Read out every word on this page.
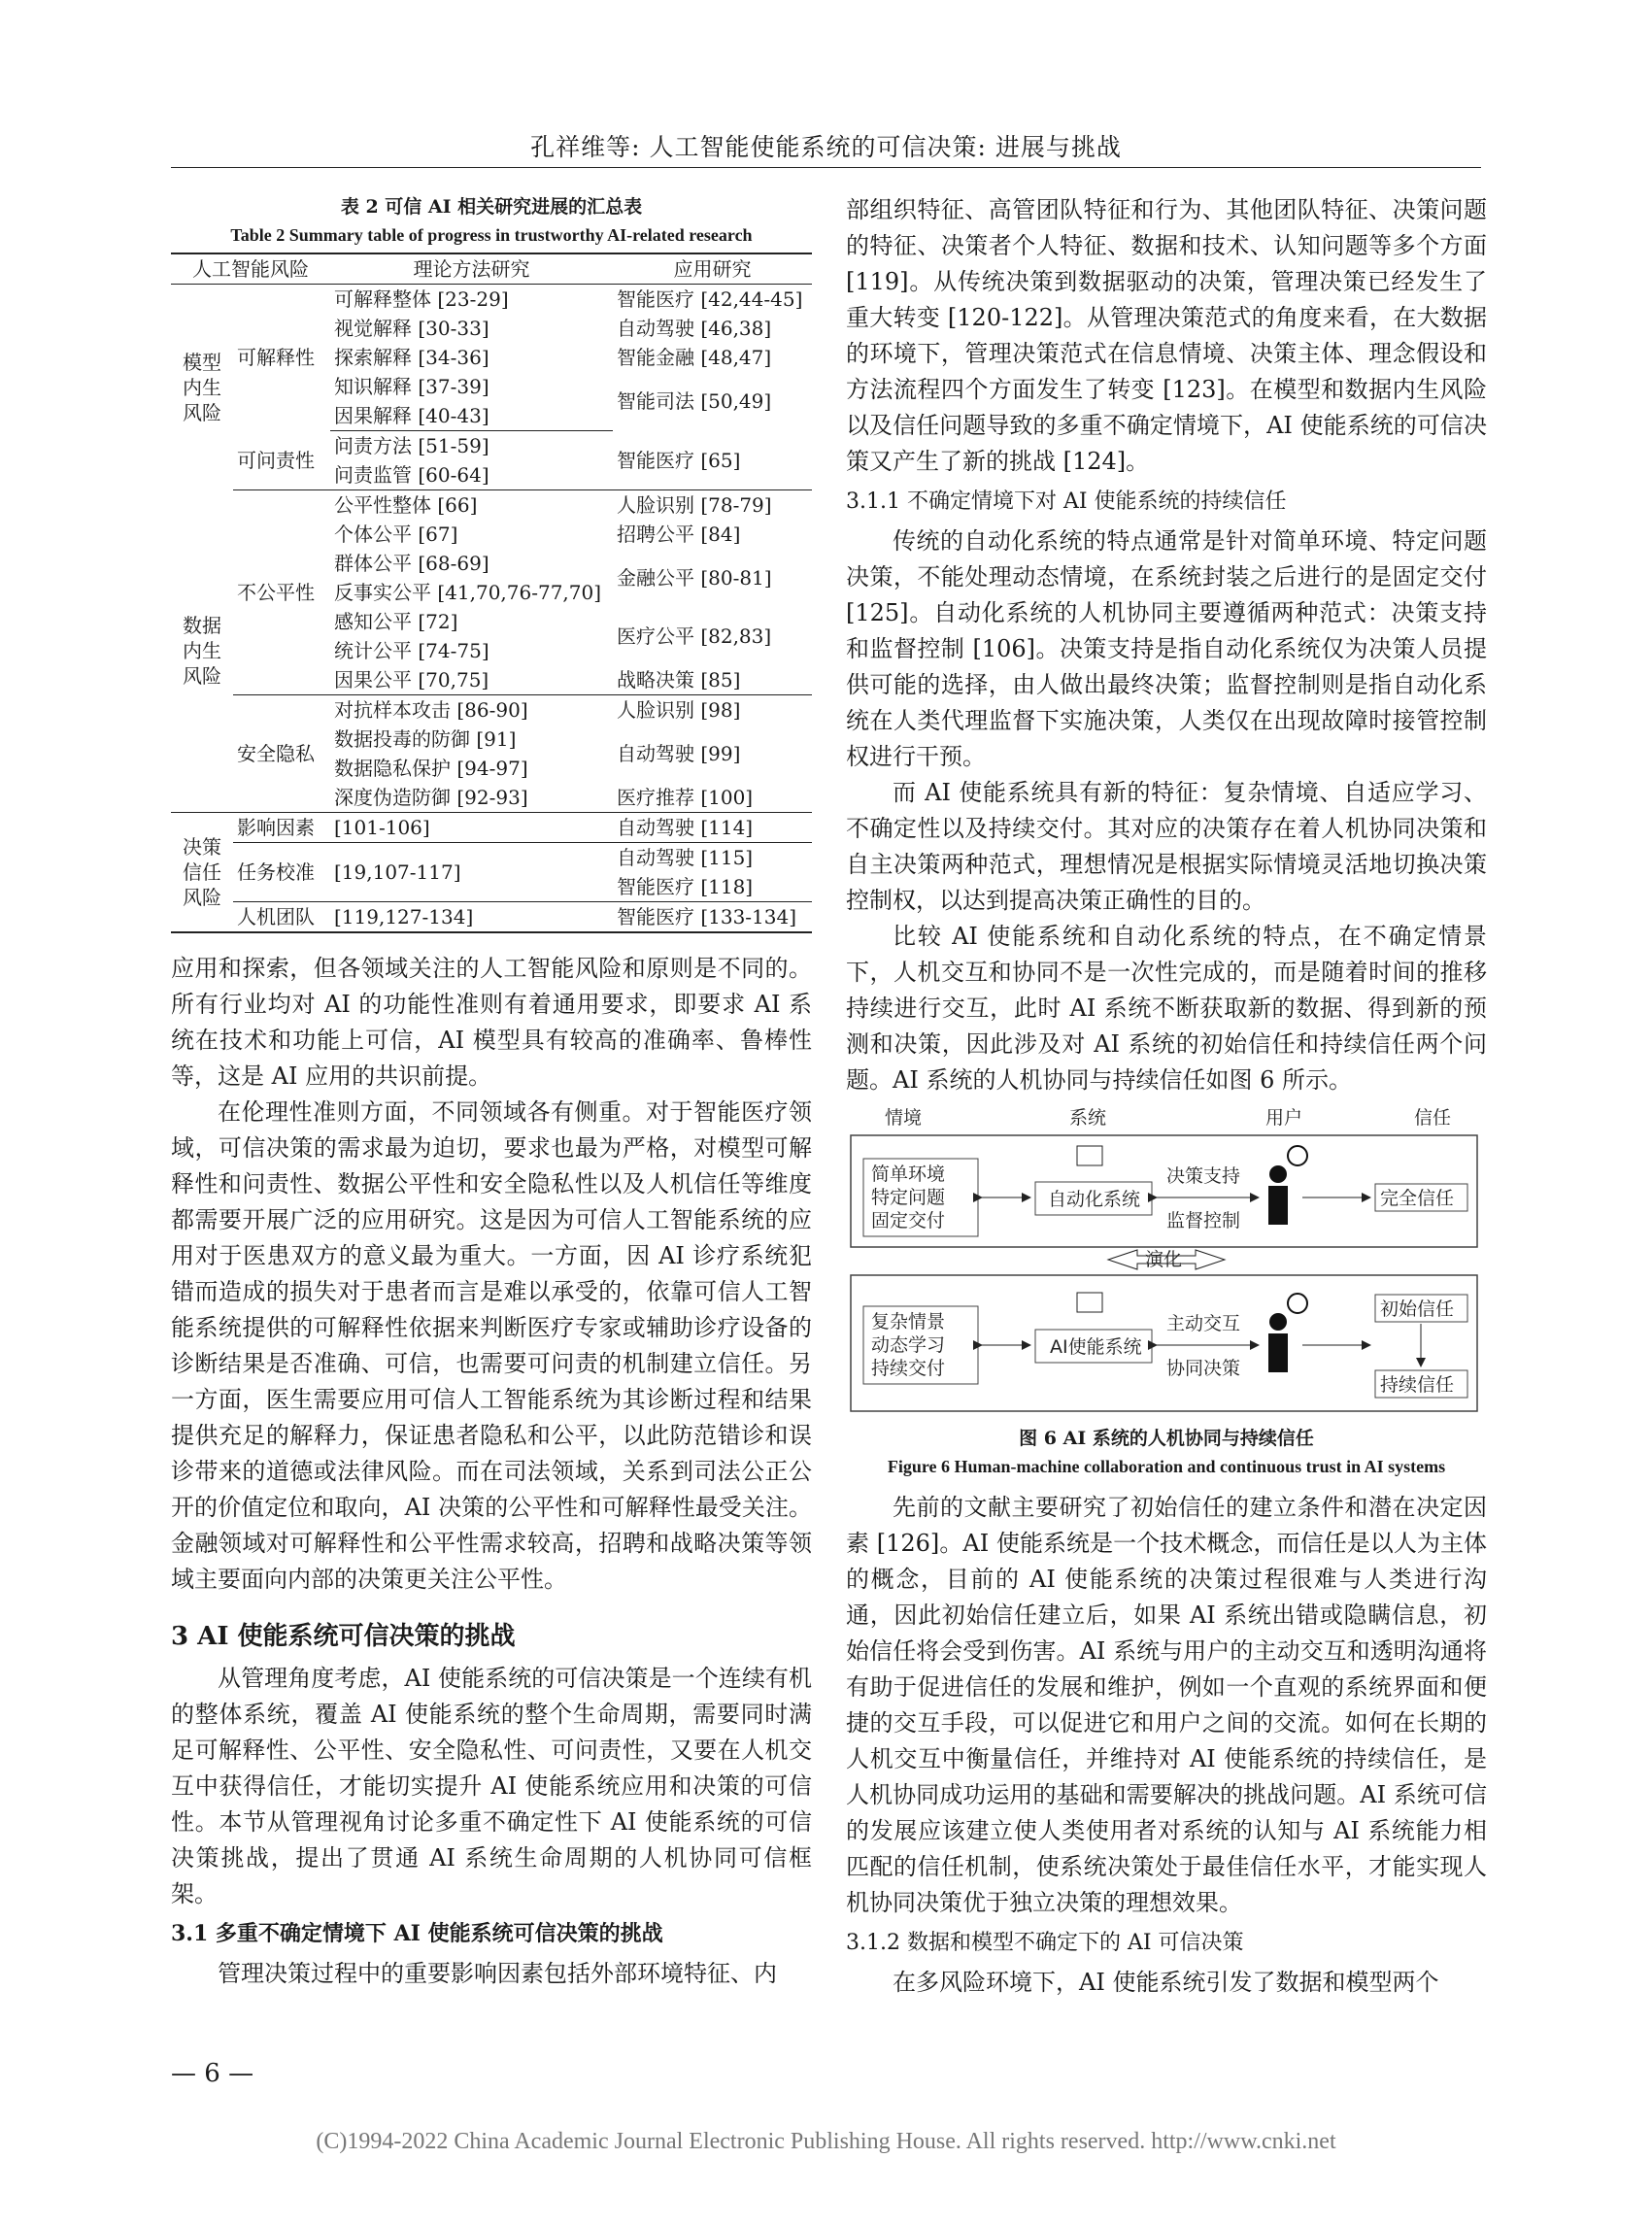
孔祥维等: 人工智能使能系统的可信决策: 进展与挑战
表 2 可信 AI 相关研究进展的汇总表
Table 2 Summary table of progress in trustworthy AI-related research
人工智能风险		理论方法研究	应用研究
模型内生风险	可解释性	可解释整体 [23-29]	智能医疗 [42,44-45]
		视觉解释 [30-33]	自动驾驶 [46,38]
		探索解释 [34-36]	智能金融 [48,47]
		知识解释 [37-39]	智能司法 [50,49]
		因果解释 [40-43]	
	可问责性	问责方法 [51-59]	智能医疗 [65]
		问责监管 [60-64]	
数据内生风险	不公平性	公平性整体 [66]	人脸识别 [78-79]
		个体公平 [67]	招聘公平 [84]
		群体公平 [68-69]	金融公平 [80-81]
		反事实公平 [41,70,76-77,70]	
		感知公平 [72]	医疗公平 [82,83]
		统计公平 [74-75]	
		因果公平 [70,75]	战略决策 [85]
	安全隐私	对抗样本攻击 [86-90]	人脸识别 [98]
		数据投毒的防御 [91]	自动驾驶 [99]
		数据隐私保护 [94-97]	
		深度伪造防御 [92-93]	医疗推荐 [100]
决策信任风险	影响因素	[101-106]	自动驾驶 [114]
	任务校准	[19,107-117]	自动驾驶 [115]
			智能医疗 [118]
	人机团队	[119,127-134]	智能医疗 [133-134]

应用和探索，但各领域关注的人工智能风险和原则是不同的。所有行业均对 AI 的功能性准则有着通用要求，即要求 AI 系统在技术和功能上可信，AI 模型具有较高的准确率、鲁棒性等，这是 AI 应用的共识前提。

在伦理性准则方面，不同领域各有侧重。对于智能医疗领域，可信决策的需求最为迫切，要求也最为严格，对模型可解释性和问责性、数据公平性和安全隐私性以及人机信任等维度都需要开展广泛的应用研究。这是因为可信人工智能系统的应用对于医患双方的意义最为重大。一方面，因 AI 诊疗系统犯错而造成的损失对于患者而言是难以承受的，依靠可信人工智能系统提供的可解释性依据来判断医疗专家或辅助诊疗设备的诊断结果是否准确、可信，也需要可问责的机制建立信任。另一方面，医生需要应用可信人工智能系统为其诊断过程和结果提供充足的解释力，保证患者隐私和公平，以此防范错诊和误诊带来的道德或法律风险。而在司法领域，关系到司法公正公开的价值定位和取向，AI 决策的公平性和可解释性最受关注。金融领域对可解释性和公平性需求较高，招聘和战略决策等领域主要面向内部的决策更关注公平性。

3 AI 使能系统可信决策的挑战

从管理角度考虑，AI 使能系统的可信决策是一个连续有机的整体系统，覆盖 AI 使能系统的整个生命周期，需要同时满足可解释性、公平性、安全隐私性、可问责性，又要在人机交互中获得信任，才能切实提升 AI 使能系统应用和决策的可信性。本节从管理视角讨论多重不确定性下 AI 使能系统的可信决策挑战，提出了贯通 AI 系统生命周期的人机协同可信框架。

3.1 多重不确定情境下 AI 使能系统可信决策的挑战

管理决策过程中的重要影响因素包括外部环境特征、内

部组织特征、高管团队特征和行为、其他团队特征、决策问题的特征、决策者个人特征、数据和技术、认知问题等多个方面 [119]。从传统决策到数据驱动的决策，管理决策已经发生了重大转变 [120-122]。从管理决策范式的角度来看，在大数据的环境下，管理决策范式在信息情境、决策主体、理念假设和方法流程四个方面发生了转变 [123]。在模型和数据内生风险以及信任问题导致的多重不确定情境下，AI 使能系统的可信决策又产生了新的挑战 [124]。

3.1.1 不确定情境下对 AI 使能系统的持续信任

传统的自动化系统的特点通常是针对简单环境、特定问题决策，不能处理动态情境，在系统封装之后进行的是固定交付 [125]。自动化系统的人机协同主要遵循两种范式：决策支持和监督控制 [106]。决策支持是指自动化系统仅为决策人员提供可能的选择，由人做出最终决策；监督控制则是指自动化系统在人类代理监督下实施决策，人类仅在出现故障时接管控制权进行干预。

而 AI 使能系统具有新的特征：复杂情境、自适应学习、不确定性以及持续交付。其对应的决策存在着人机协同决策和自主决策两种范式，理想情况是根据实际情境灵活地切换决策控制权，以达到提高决策正确性的目的。

比较 AI 使能系统和自动化系统的特点，在不确定情景下，人机交互和协同不是一次性完成的，而是随着时间的推移持续进行交互，此时 AI 系统不断获取新的数据、得到新的预测和决策，因此涉及对 AI 系统的初始信任和持续信任两个问题。AI 系统的人机协同与持续信任如图 6 所示。

情境	系统	用户	信任
简单环境
特定问题
固定交付
自动化系统
决策支持
监督控制
完全信任
演化
复杂情景
动态学习
持续交付
AI使能系统
主动交互
协同决策
初始信任
持续信任
图 6 AI 系统的人机协同与持续信任
Figure 6 Human-machine collaboration and continuous trust in AI systems

先前的文献主要研究了初始信任的建立条件和潜在决定因素 [126]。AI 使能系统是一个技术概念，而信任是以人为主体的概念，目前的 AI 使能系统的决策过程很难与人类进行沟通，因此初始信任建立后，如果 AI 系统出错或隐瞒信息，初始信任将会受到伤害。AI 系统与用户的主动交互和透明沟通将有助于促进信任的发展和维护，例如一个直观的系统界面和便捷的交互手段，可以促进它和用户之间的交流。如何在长期的人机交互中衡量信任，并维持对 AI 使能系统的持续信任，是人机协同成功运用的基础和需要解决的挑战问题。AI 系统可信的发展应该建立使人类使用者对系统的认知与 AI 系统能力相匹配的信任机制，使系统决策处于最佳信任水平，才能实现人机协同决策优于独立决策的理想效果。

3.1.2 数据和模型不确定下的 AI 可信决策

在多风险环境下，AI 使能系统引发了数据和模型两个

— 6 —
(C)1994-2022 China Academic Journal Electronic Publishing House. All rights reserved. http://www.cnki.net
